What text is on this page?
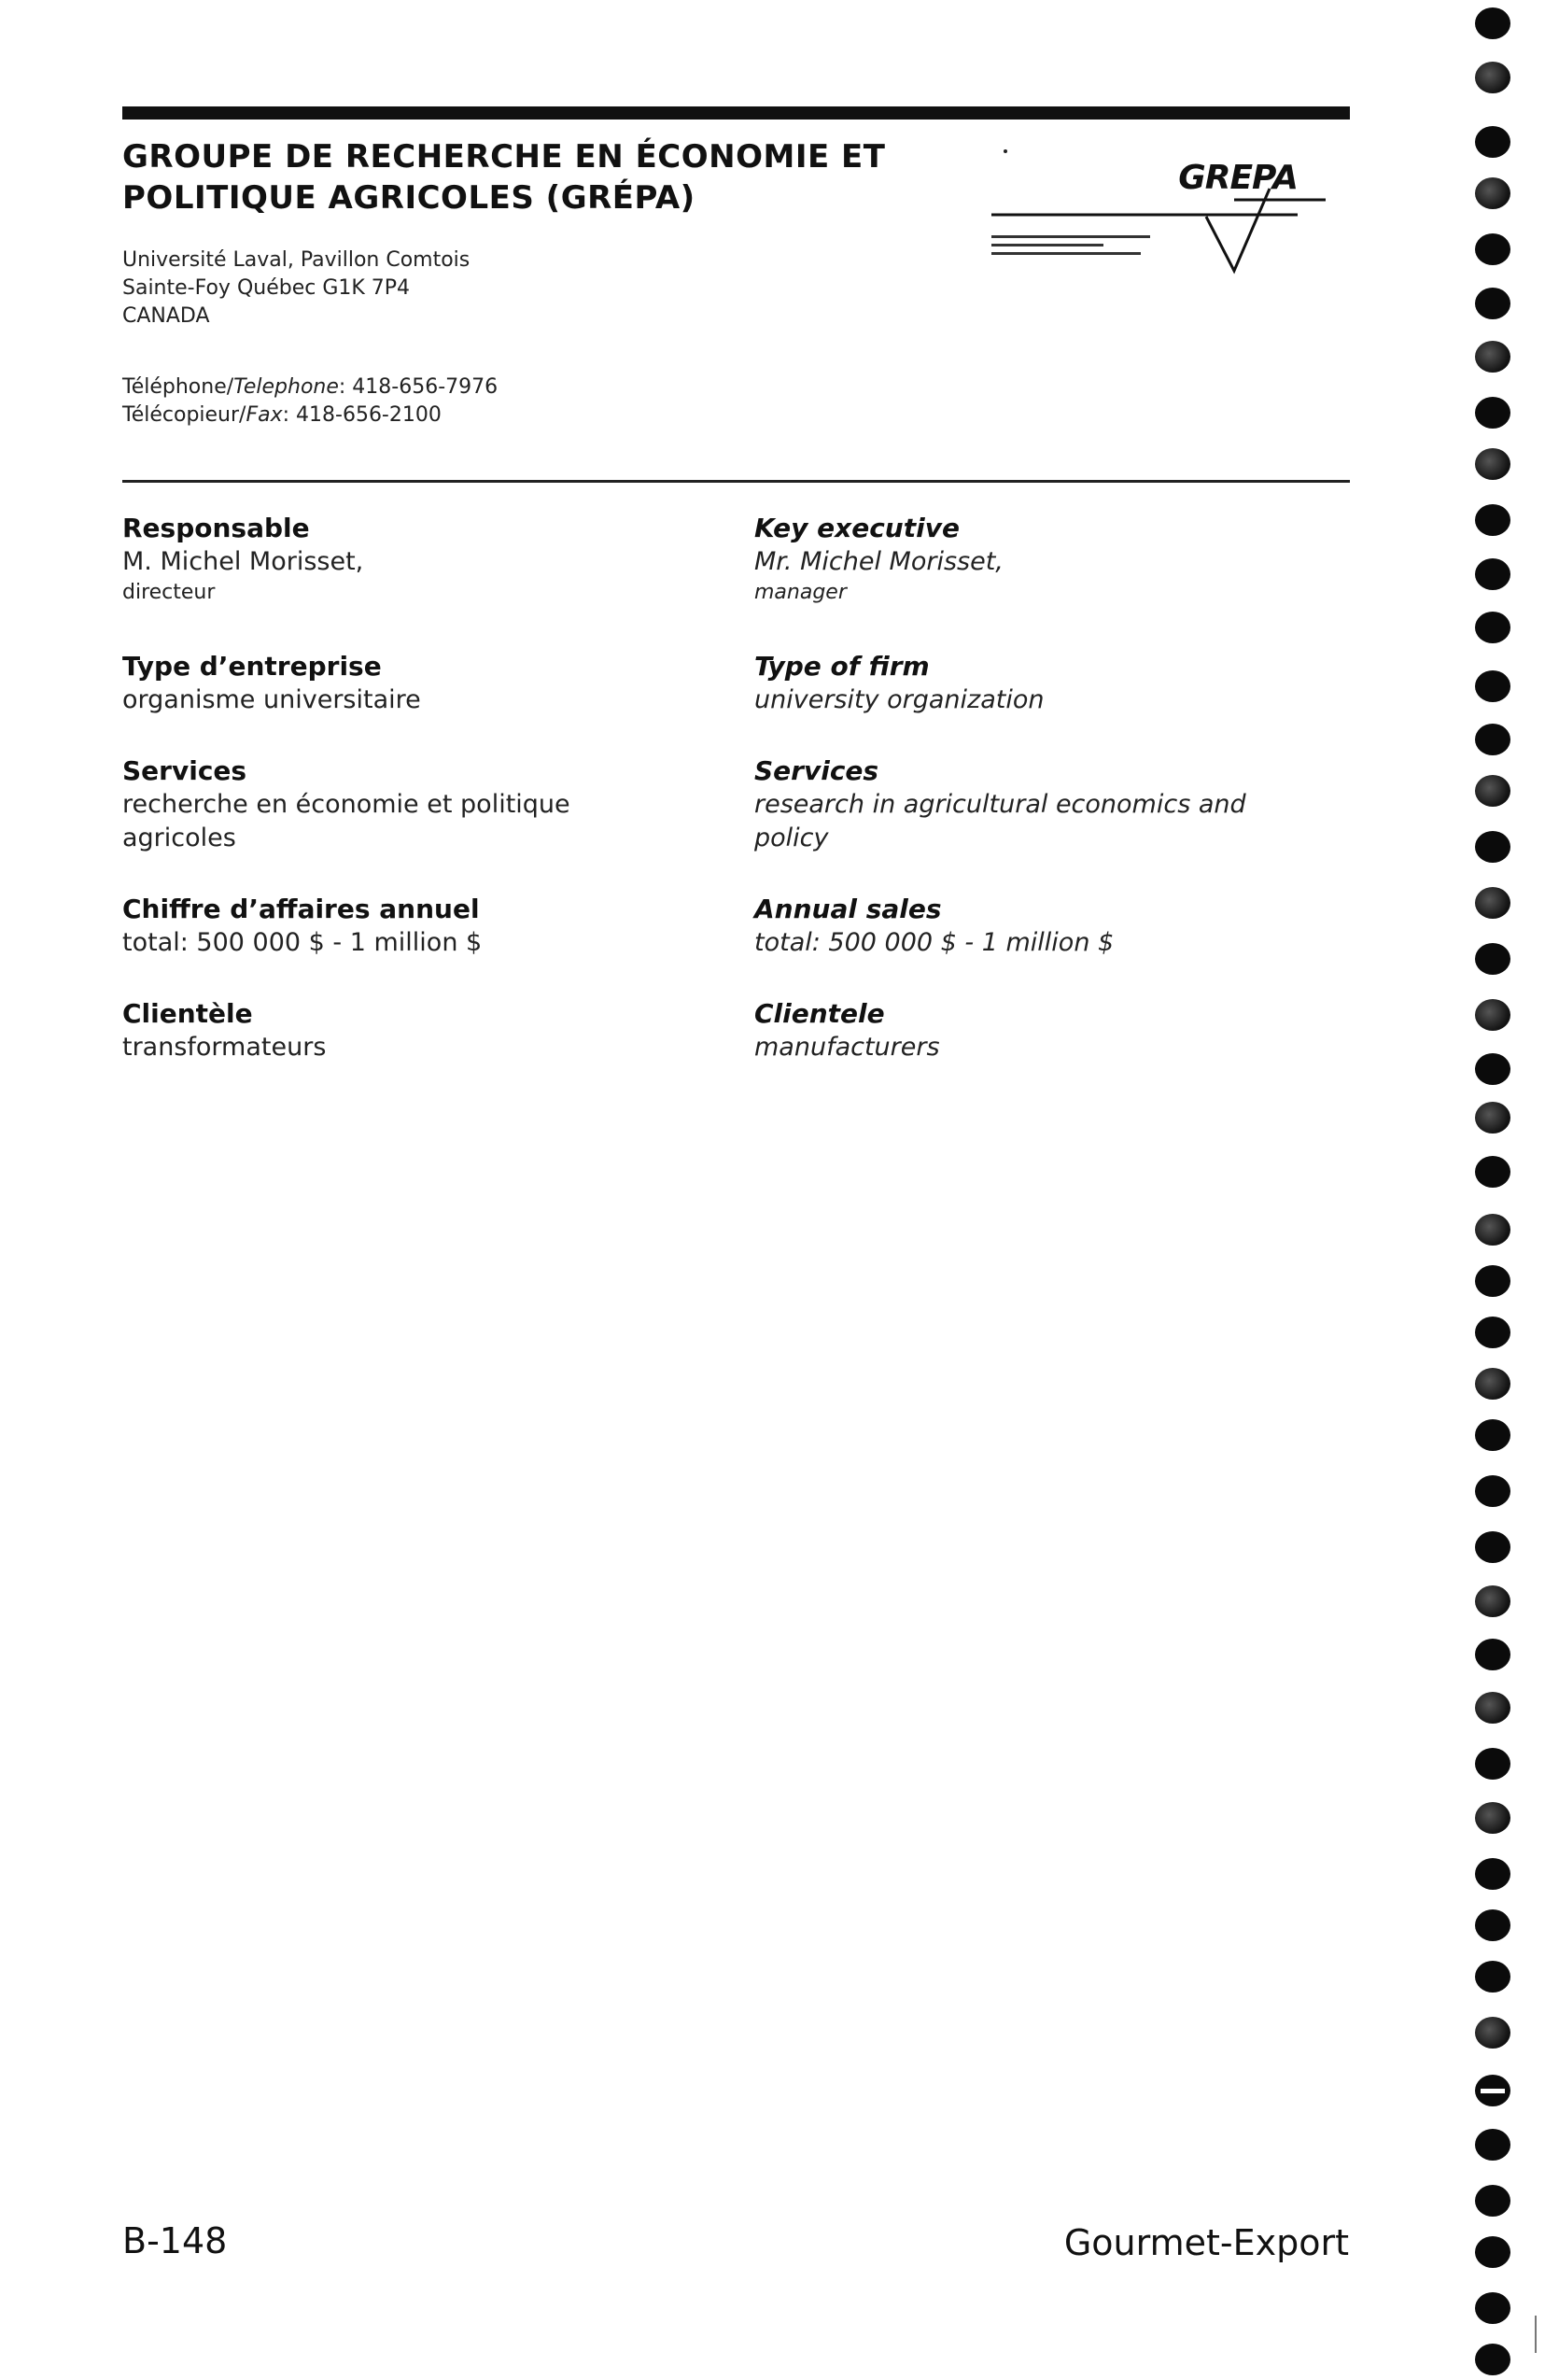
GROUPE DE RECHERCHE EN ÉCONOMIE ET
POLITIQUE AGRICOLES (GRÉPA)
GREPA
Université Laval, Pavillon Comtois
Sainte-Foy Québec G1K 7P4
CANADA
Téléphone/Telephone: 418-656-7976
Télécopieur/Fax: 418-656-2100
Responsable
M. Michel Morisset,
directeur
Type d’entreprise
organisme universitaire
Services
recherche en économie et politique
agricoles
Chiffre d’affaires annuel
total: 500 000 $ - 1 million $
Clientèle
transformateurs
Key executive
Mr. Michel Morisset,
manager
Type of firm
university organization
Services
research in agricultural economics and
policy
Annual sales
total: 500 000 $ - 1 million $
Clientele
manufacturers
B-148	Gourmet-Export
